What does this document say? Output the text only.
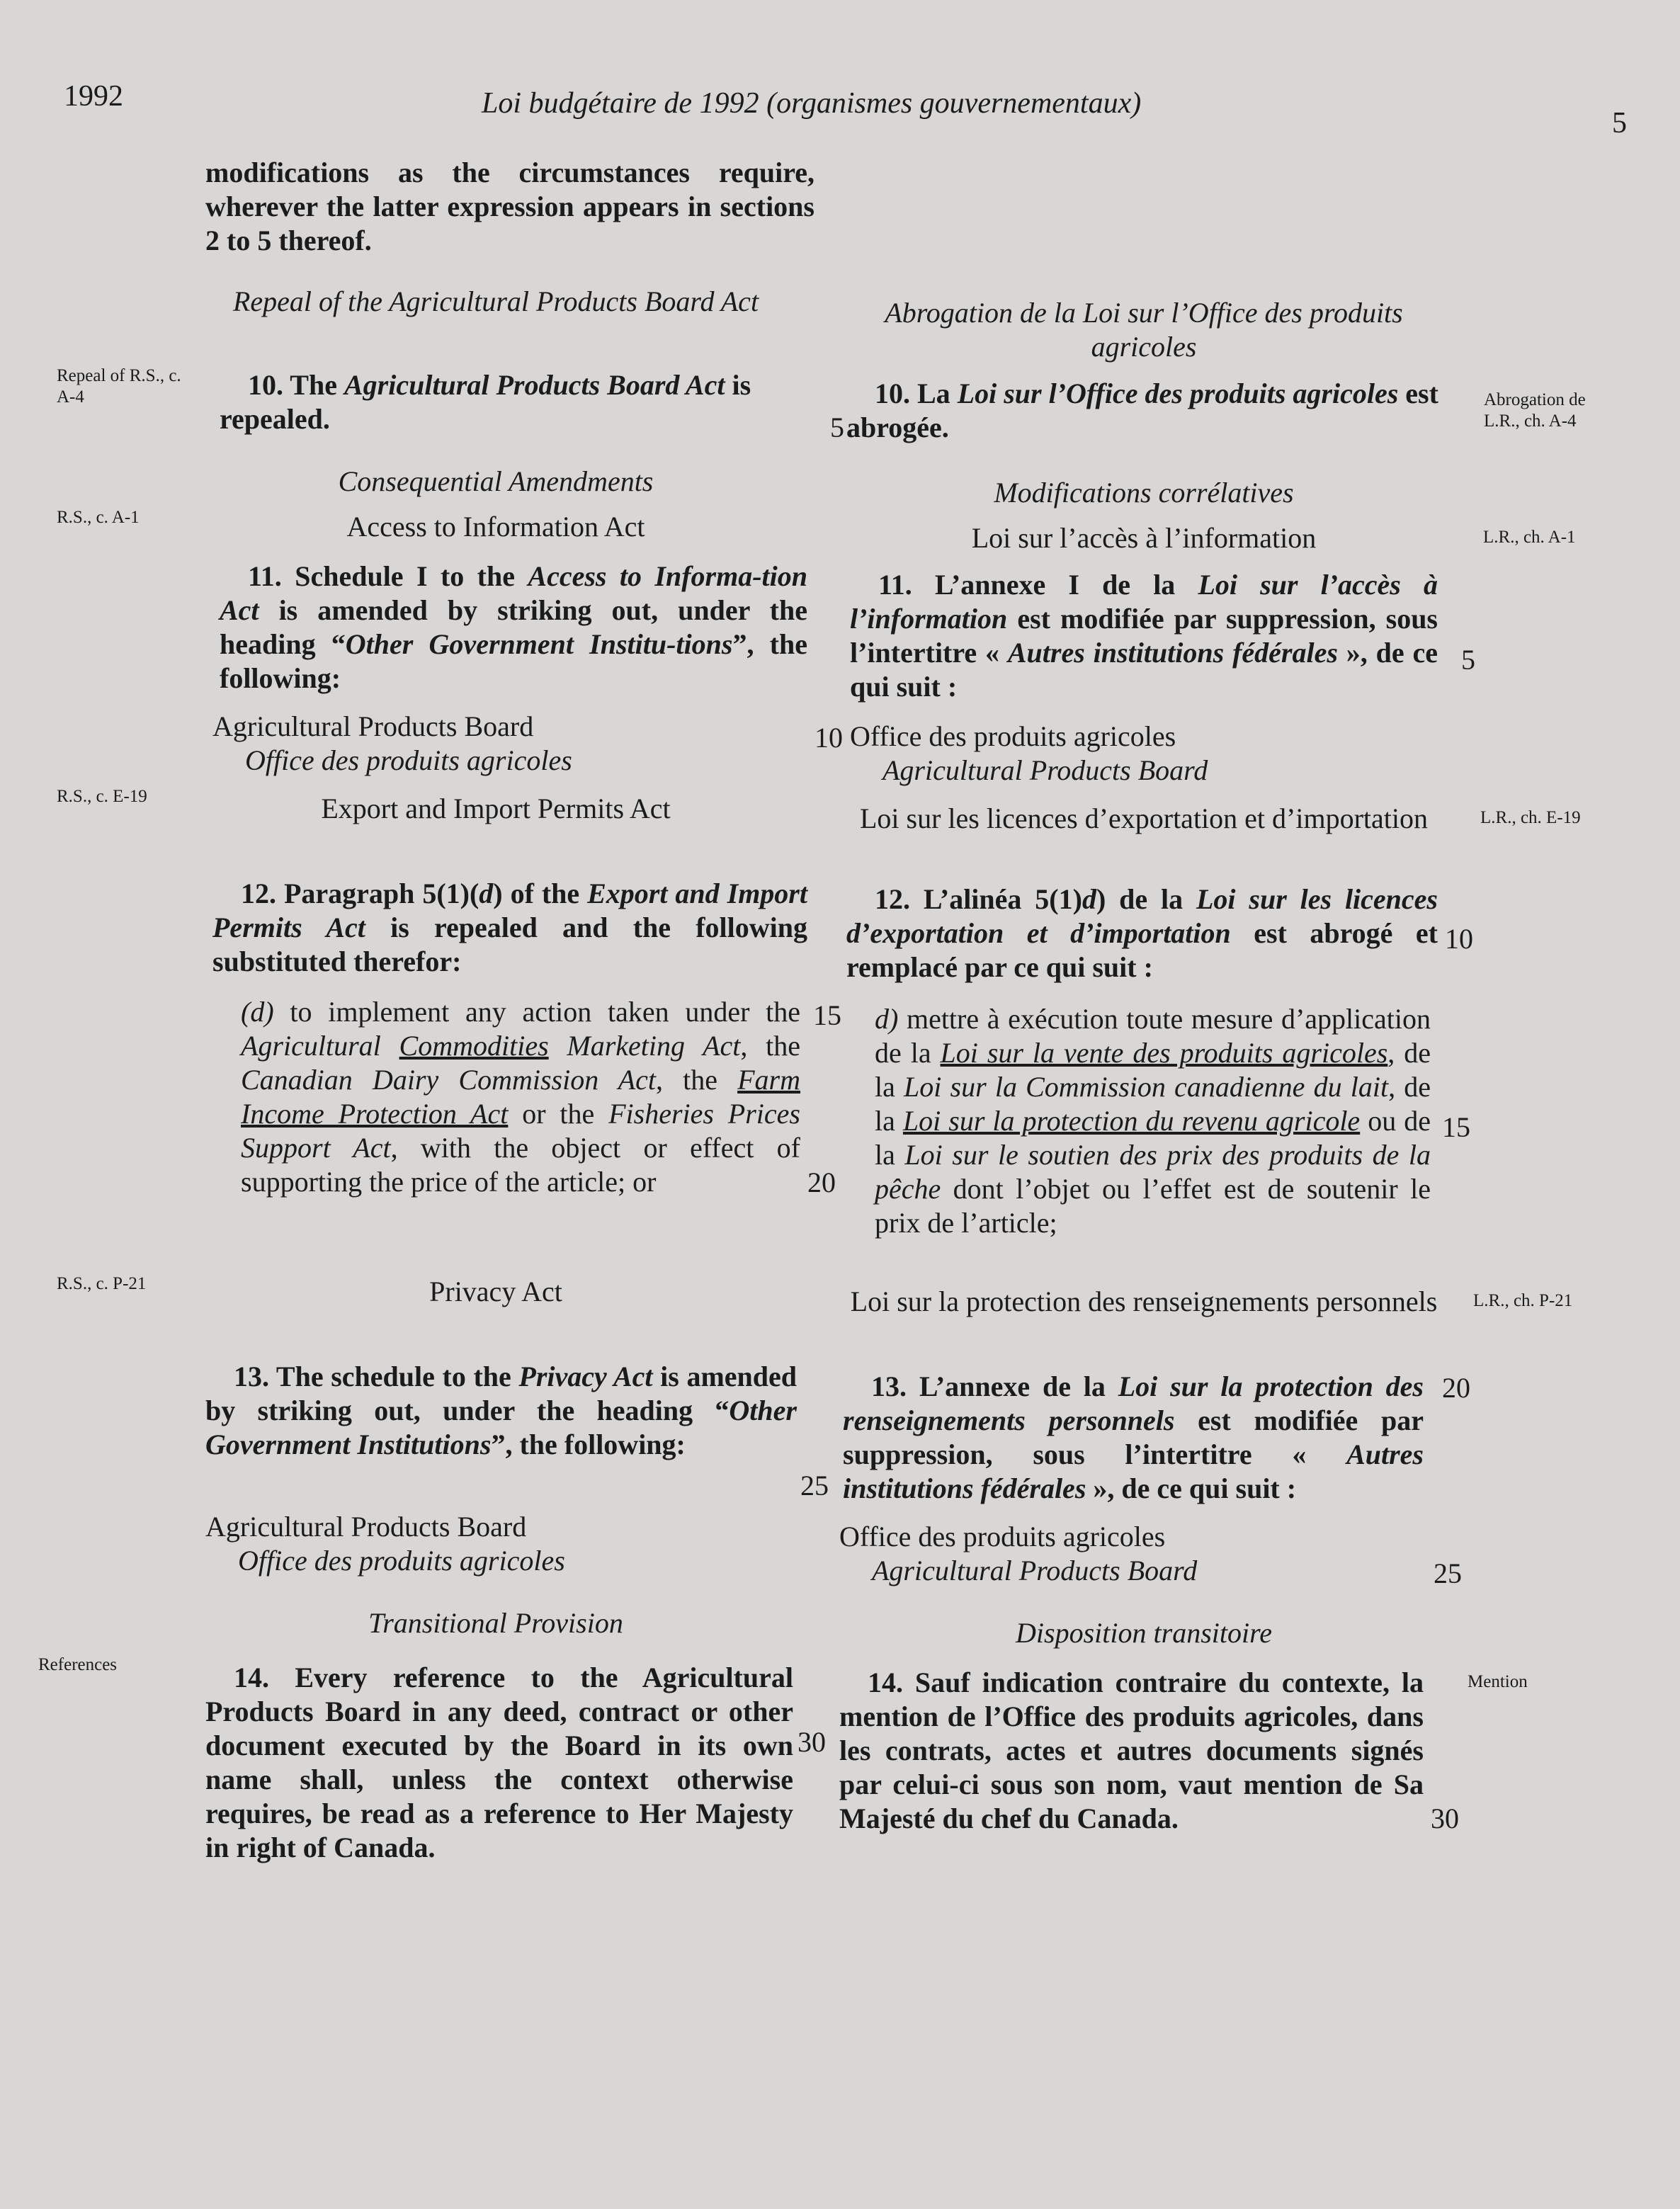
1992	Loi budgétaire de 1992 (organismes gouvernementaux)
5
modifications as the circumstances require, wherever the latter expression appears in sections 2 to 5 thereof.
Repeal of the Agricultural Products Board Act
10. The Agricultural Products Board Act is repealed.
Consequential Amendments
Access to Information Act
11. Schedule I to the Access to Informa-tion Act is amended by striking out, under the heading “Other Government Institu-tions”, the following:
Agricultural Products Board
Office des produits agricoles
Export and Import Permits Act
12. Paragraph 5(1)(d) of the Export and Import Permits Act is repealed and the following substituted therefor:
(d) to implement any action taken under the Agricultural Commodities Marketing Act, the Canadian Dairy Commission Act, the Farm Income Protection Act or the Fisheries Prices Support Act, with the object or effect of supporting the price of the article; or
Privacy Act
13. The schedule to the Privacy Act is amended by striking out, under the heading “Other Government Institutions”, the following:
Agricultural Products Board
Office des produits agricoles
Transitional Provision
14. Every reference to the Agricultural Products Board in any deed, contract or other document executed by the Board in its own name shall, unless the context otherwise requires, be read as a reference to Her Majesty in right of Canada.
Abrogation de la Loi sur l’Office des produits agricoles
10. La Loi sur l’Office des produits agricoles est abrogée.
Modifications corrélatives
Loi sur l’accès à l’information
11. L’annexe I de la Loi sur l’accès à l’information est modifiée par suppression, sous l’intertitre « Autres institutions fédérales », de ce qui suit :
Office des produits agricoles
Agricultural Products Board
Loi sur les licences d’exportation et d’importation
12. L’alinéa 5(1)d) de la Loi sur les licences d’exportation et d’importation est abrogé et remplacé par ce qui suit :
d) mettre à exécution toute mesure d’application de la Loi sur la vente des produits agricoles, de la Loi sur la Commission canadienne du lait, de la Loi sur la protection du revenu agricole ou de la Loi sur le soutien des prix des produits de la pêche dont l’objet ou l’effet est de soutenir le prix de l’article;
Loi sur la protection des renseignements personnels
13. L’annexe de la Loi sur la protection des renseignements personnels est modifiée par suppression, sous l’intertitre « Autres institutions fédérales », de ce qui suit :
Office des produits agricoles
Agricultural Products Board
Disposition transitoire
14. Sauf indication contraire du contexte, la mention de l’Office des produits agricoles, dans les contrats, actes et autres documents signés par celui-ci sous son nom, vaut mention de Sa Majesté du chef du Canada.
Repeal of R.S., c. A-4
R.S., c. A-1
R.S., c. E-19
R.S., c. P-21
References
Abrogation de L.R., ch. A-4
L.R., ch. A-1
L.R., ch. E-19
L.R., ch. P-21
Mention
5
5
10
10
15
15
20
20
25
25
30
30
